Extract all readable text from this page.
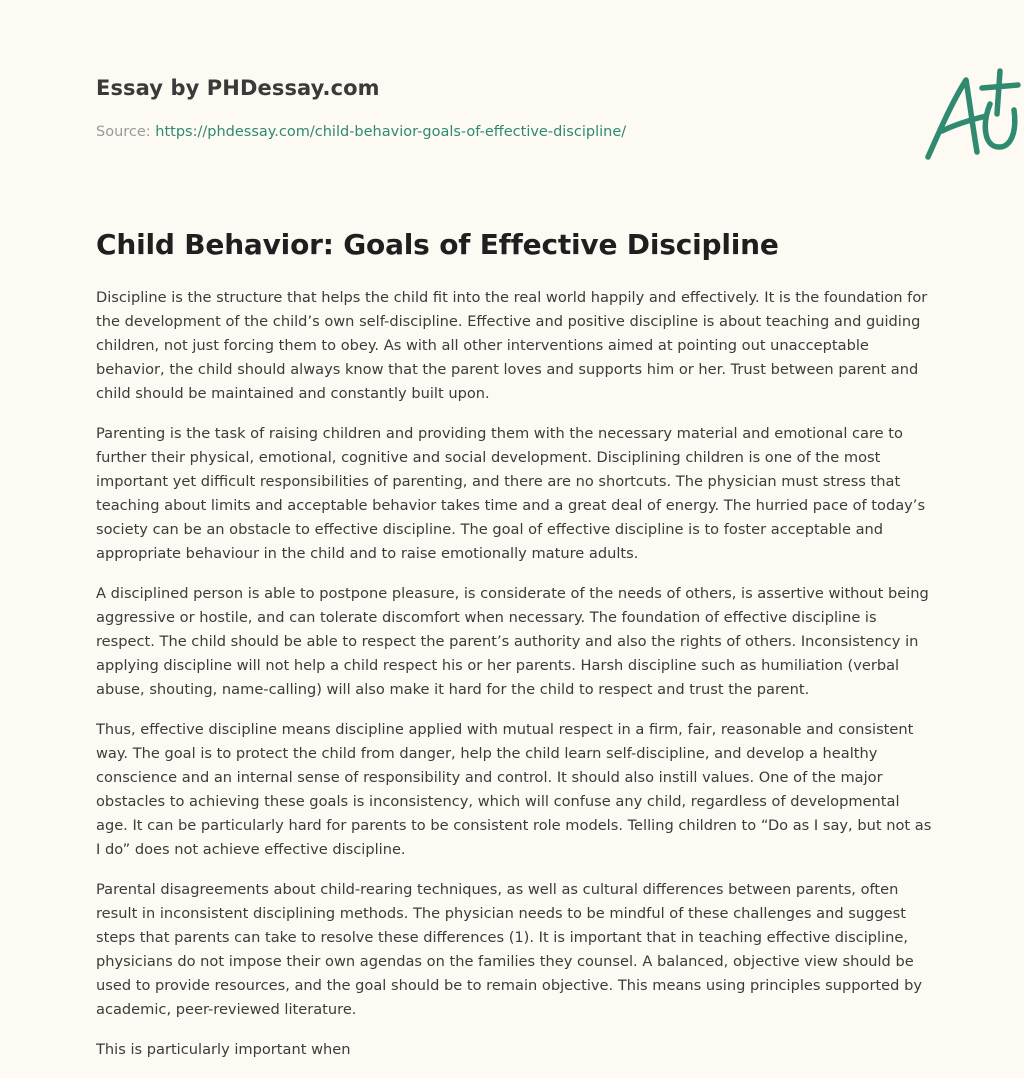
Essay by PHDessay.com
Source: https://phdessay.com/child-behavior-goals-of-effective-discipline/
Child Behavior: Goals of Effective Discipline

Discipline is the structure that helps the child fit into the real world happily and effectively. It is the foundation for the development of the child’s own self-discipline. Effective and positive discipline is about teaching and guiding children, not just forcing them to obey. As with all other interventions aimed at pointing out unacceptable behavior, the child should always know that the parent loves and supports him or her. Trust between parent and child should be maintained and constantly built upon.

Parenting is the task of raising children and providing them with the necessary material and emotional care to further their physical, emotional, cognitive and social development. Disciplining children is one of the most important yet difficult responsibilities of parenting, and there are no shortcuts. The physician must stress that teaching about limits and acceptable behavior takes time and a great deal of energy. The hurried pace of today’s society can be an obstacle to effective discipline. The goal of effective discipline is to foster acceptable and appropriate behaviour in the child and to raise emotionally mature adults.

A disciplined person is able to postpone pleasure, is considerate of the needs of others, is assertive without being aggressive or hostile, and can tolerate discomfort when necessary. The foundation of effective discipline is respect. The child should be able to respect the parent’s authority and also the rights of others. Inconsistency in applying discipline will not help a child respect his or her parents. Harsh discipline such as humiliation (verbal abuse, shouting, name-calling) will also make it hard for the child to respect and trust the parent.

Thus, effective discipline means discipline applied with mutual respect in a firm, fair, reasonable and consistent way. The goal is to protect the child from danger, help the child learn self-discipline, and develop a healthy conscience and an internal sense of responsibility and control. It should also instill values. One of the major obstacles to achieving these goals is inconsistency, which will confuse any child, regardless of developmental age. It can be particularly hard for parents to be consistent role models. Telling children to “Do as I say, but not as I do” does not achieve effective discipline.

Parental disagreements about child-rearing techniques, as well as cultural differences between parents, often result in inconsistent disciplining methods. The physician needs to be mindful of these challenges and suggest steps that parents can take to resolve these differences (1). It is important that in teaching effective discipline, physicians do not impose their own agendas on the families they counsel. A balanced, objective view should be used to provide resources, and the goal should be to remain objective. This means using principles supported by academic, peer-reviewed literature.

This is particularly important when
